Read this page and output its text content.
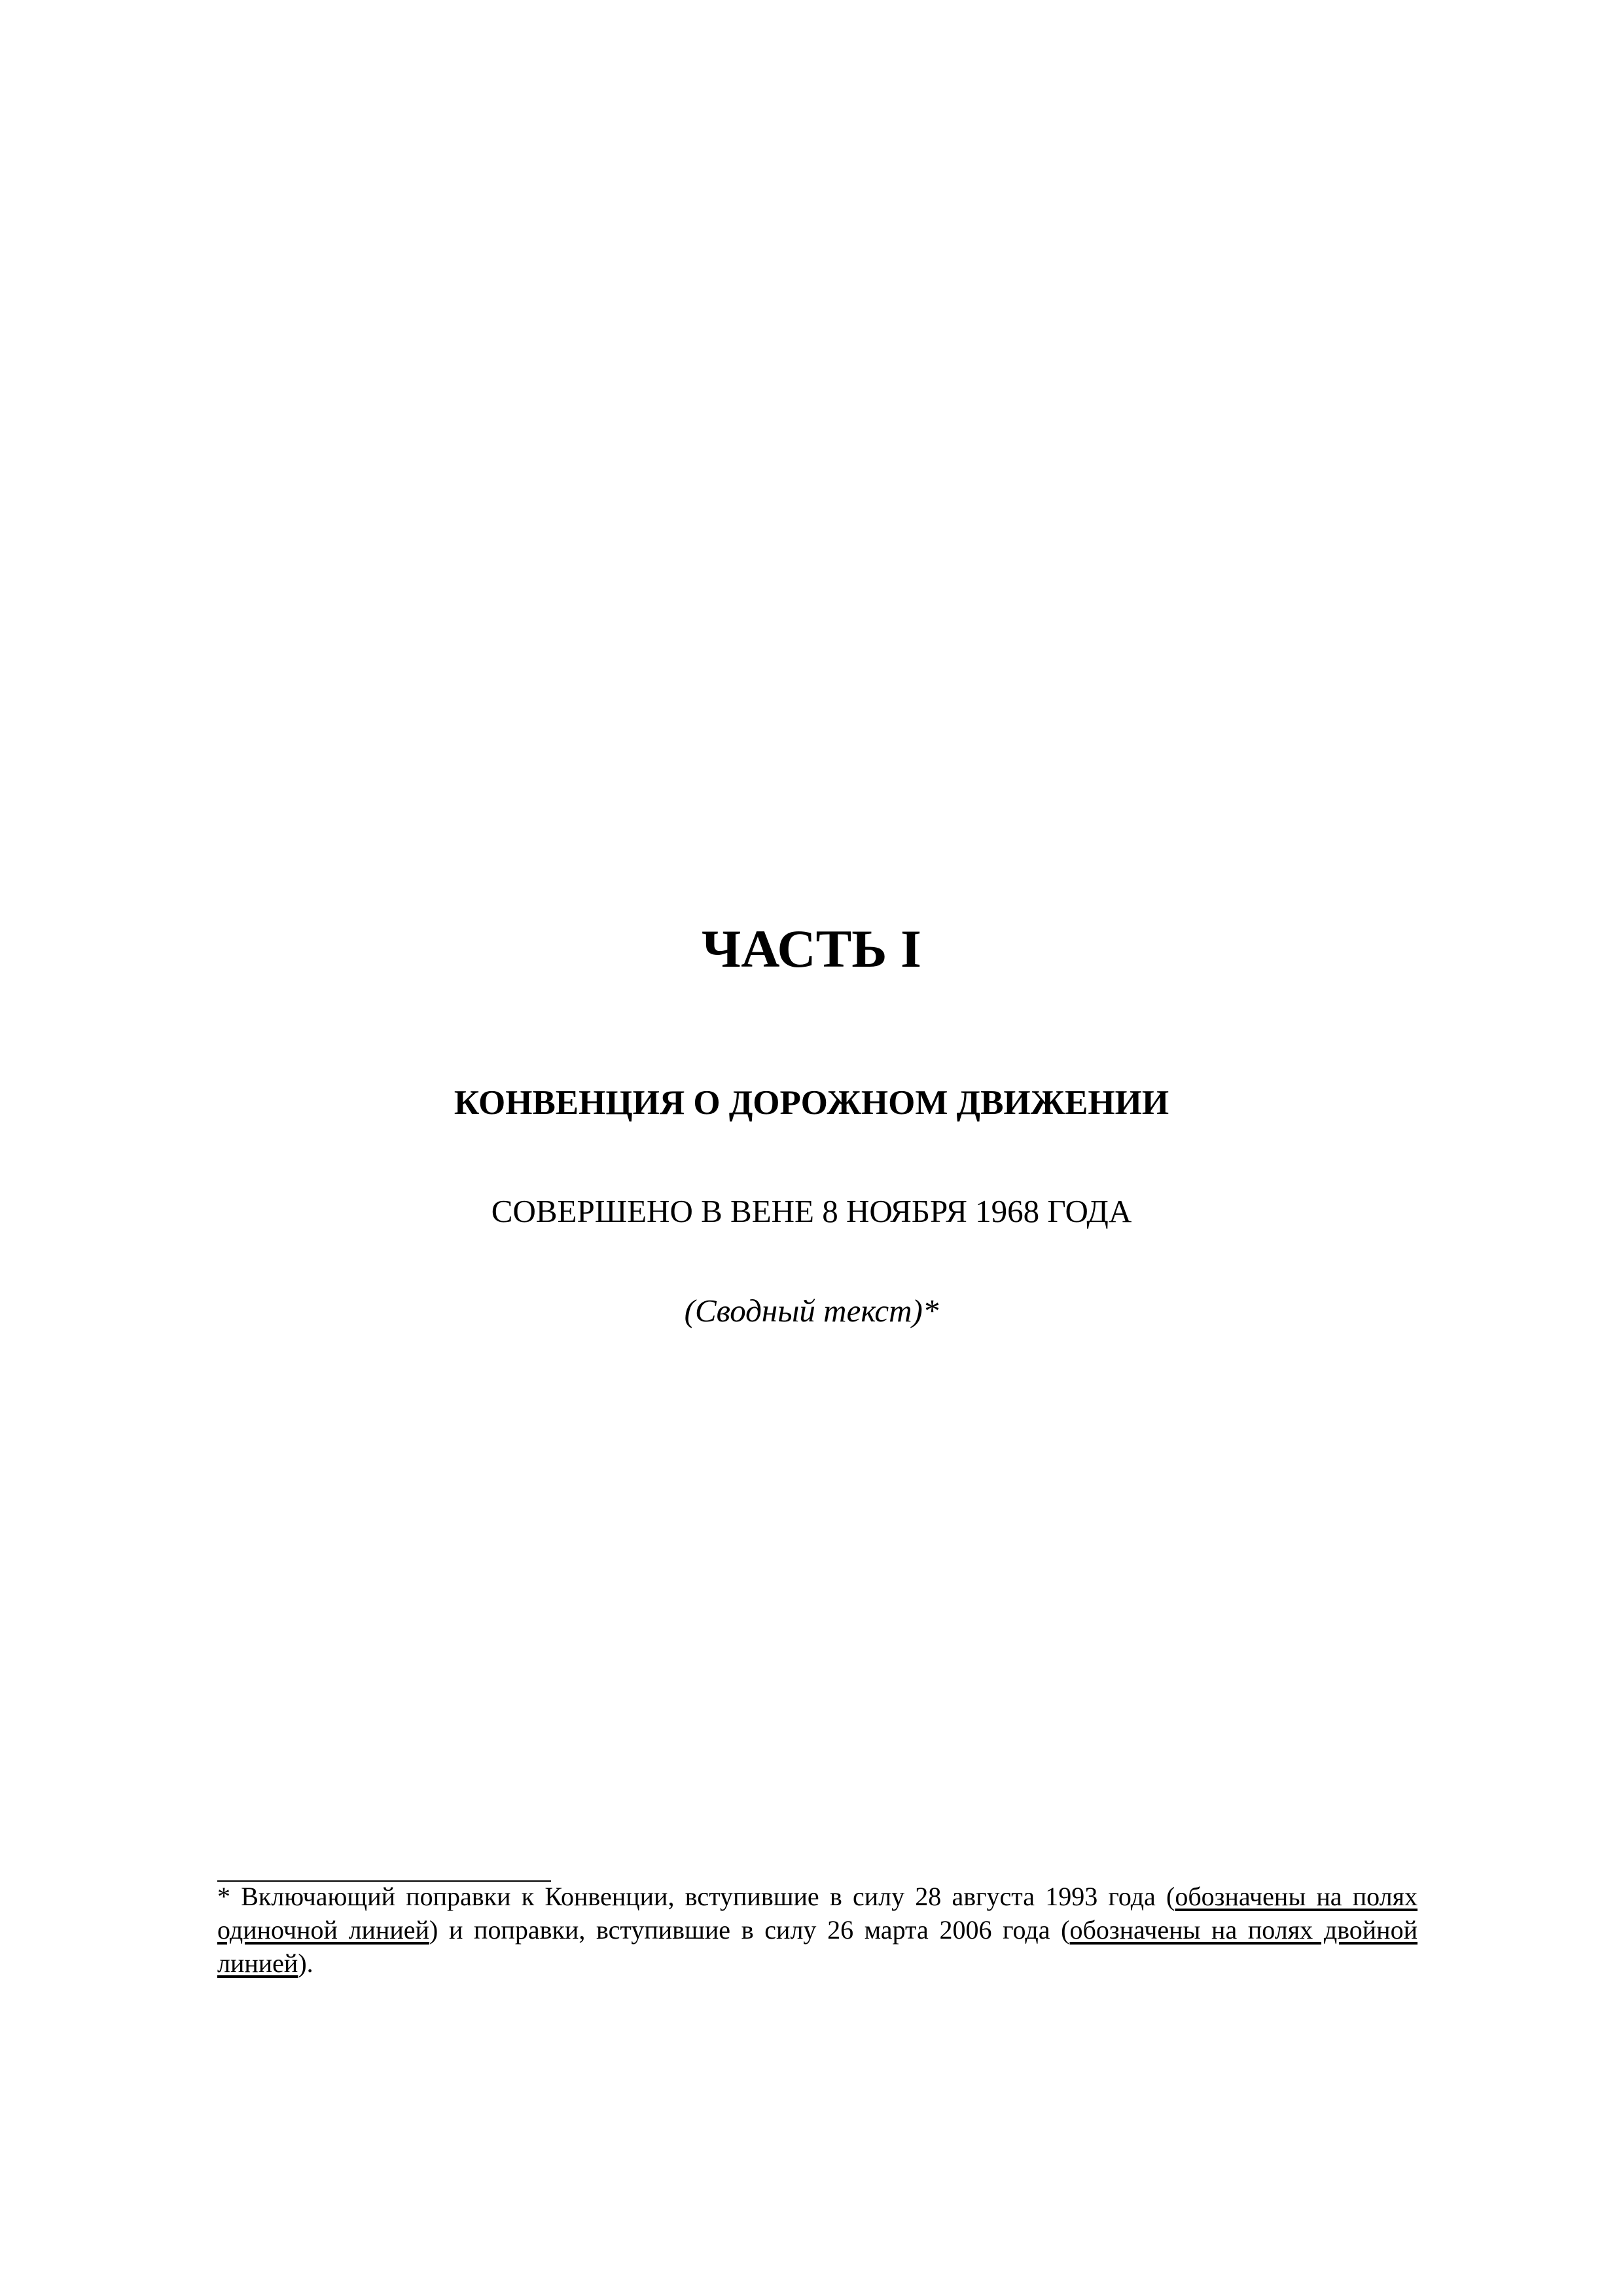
ЧАСТЬ I
КОНВЕНЦИЯ О ДОРОЖНОМ ДВИЖЕНИИ

СОВЕРШЕНО В ВЕНЕ 8 НОЯБРЯ 1968 ГОДА

(Сводный текст)*

* Включающий поправки к Конвенции, вступившие в силу 28 августа 1993 года (обозначены на полях одиночной линией) и поправки, вступившие в силу 26 марта 2006 года (обозначены на полях двойной линией).
